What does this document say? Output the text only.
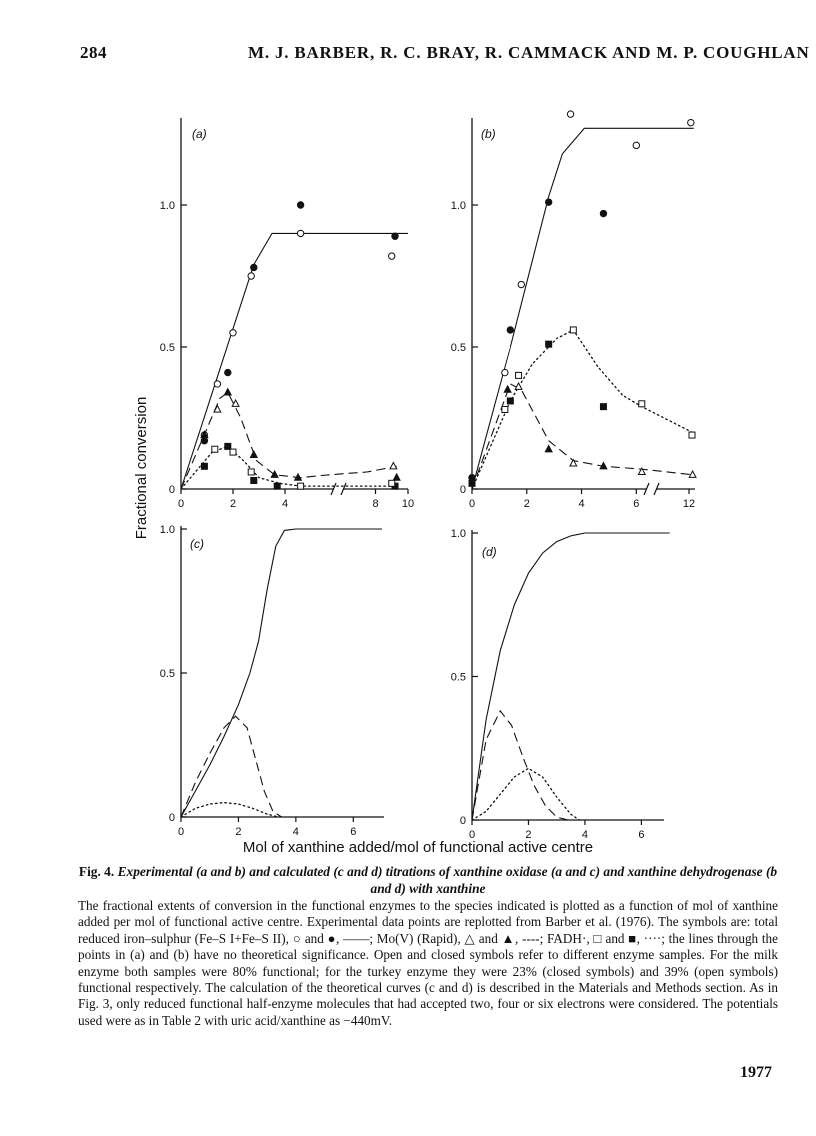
284	M. J. BARBER, R. C. BRAY, R. CAMMACK AND M. P. COUGHLAN
0
0.5
1.0
0	2	4	8 10
(a)
0
0.5
1.0
0	2	4	6	12
(b)
0
0.5
1.0
0	2	4	6
(c)
0
0.5
1.0
0	2	4	6
(d)
Fractional conversion
Mol of xanthine added/mol of functional active centre
Fig. 4. Experimental (a and b) and calculated (c and d) titrations of xanthine oxidase (a and c) and xanthine dehydrogenase (b and d) with xanthine
The fractional extents of conversion in the functional enzymes to the species indicated is plotted as a function of mol of xanthine added per mol of functional active centre. Experimental data points are replotted from Barber et al. (1976). The symbols are: total reduced iron–sulphur (Fe–S I+Fe–S II), ○ and ●, ——; Mo(V) (Rapid), △ and ▲, ----; FADH·, □ and ■, ····; the lines through the points in (a) and (b) have no theoretical significance. Open and closed symbols refer to different enzyme samples. For the milk enzyme both samples were 80% functional; for the turkey enzyme they were 23% (closed symbols) and 39% (open symbols) functional respectively. The calculation of the theoretical curves (c and d) is described in the Materials and Methods section. As in Fig. 3, only reduced functional half-enzyme molecules that had accepted two, four or six electrons were considered. The potentials used were as in Table 2 with uric acid/xanthine as −440mV.
1977
